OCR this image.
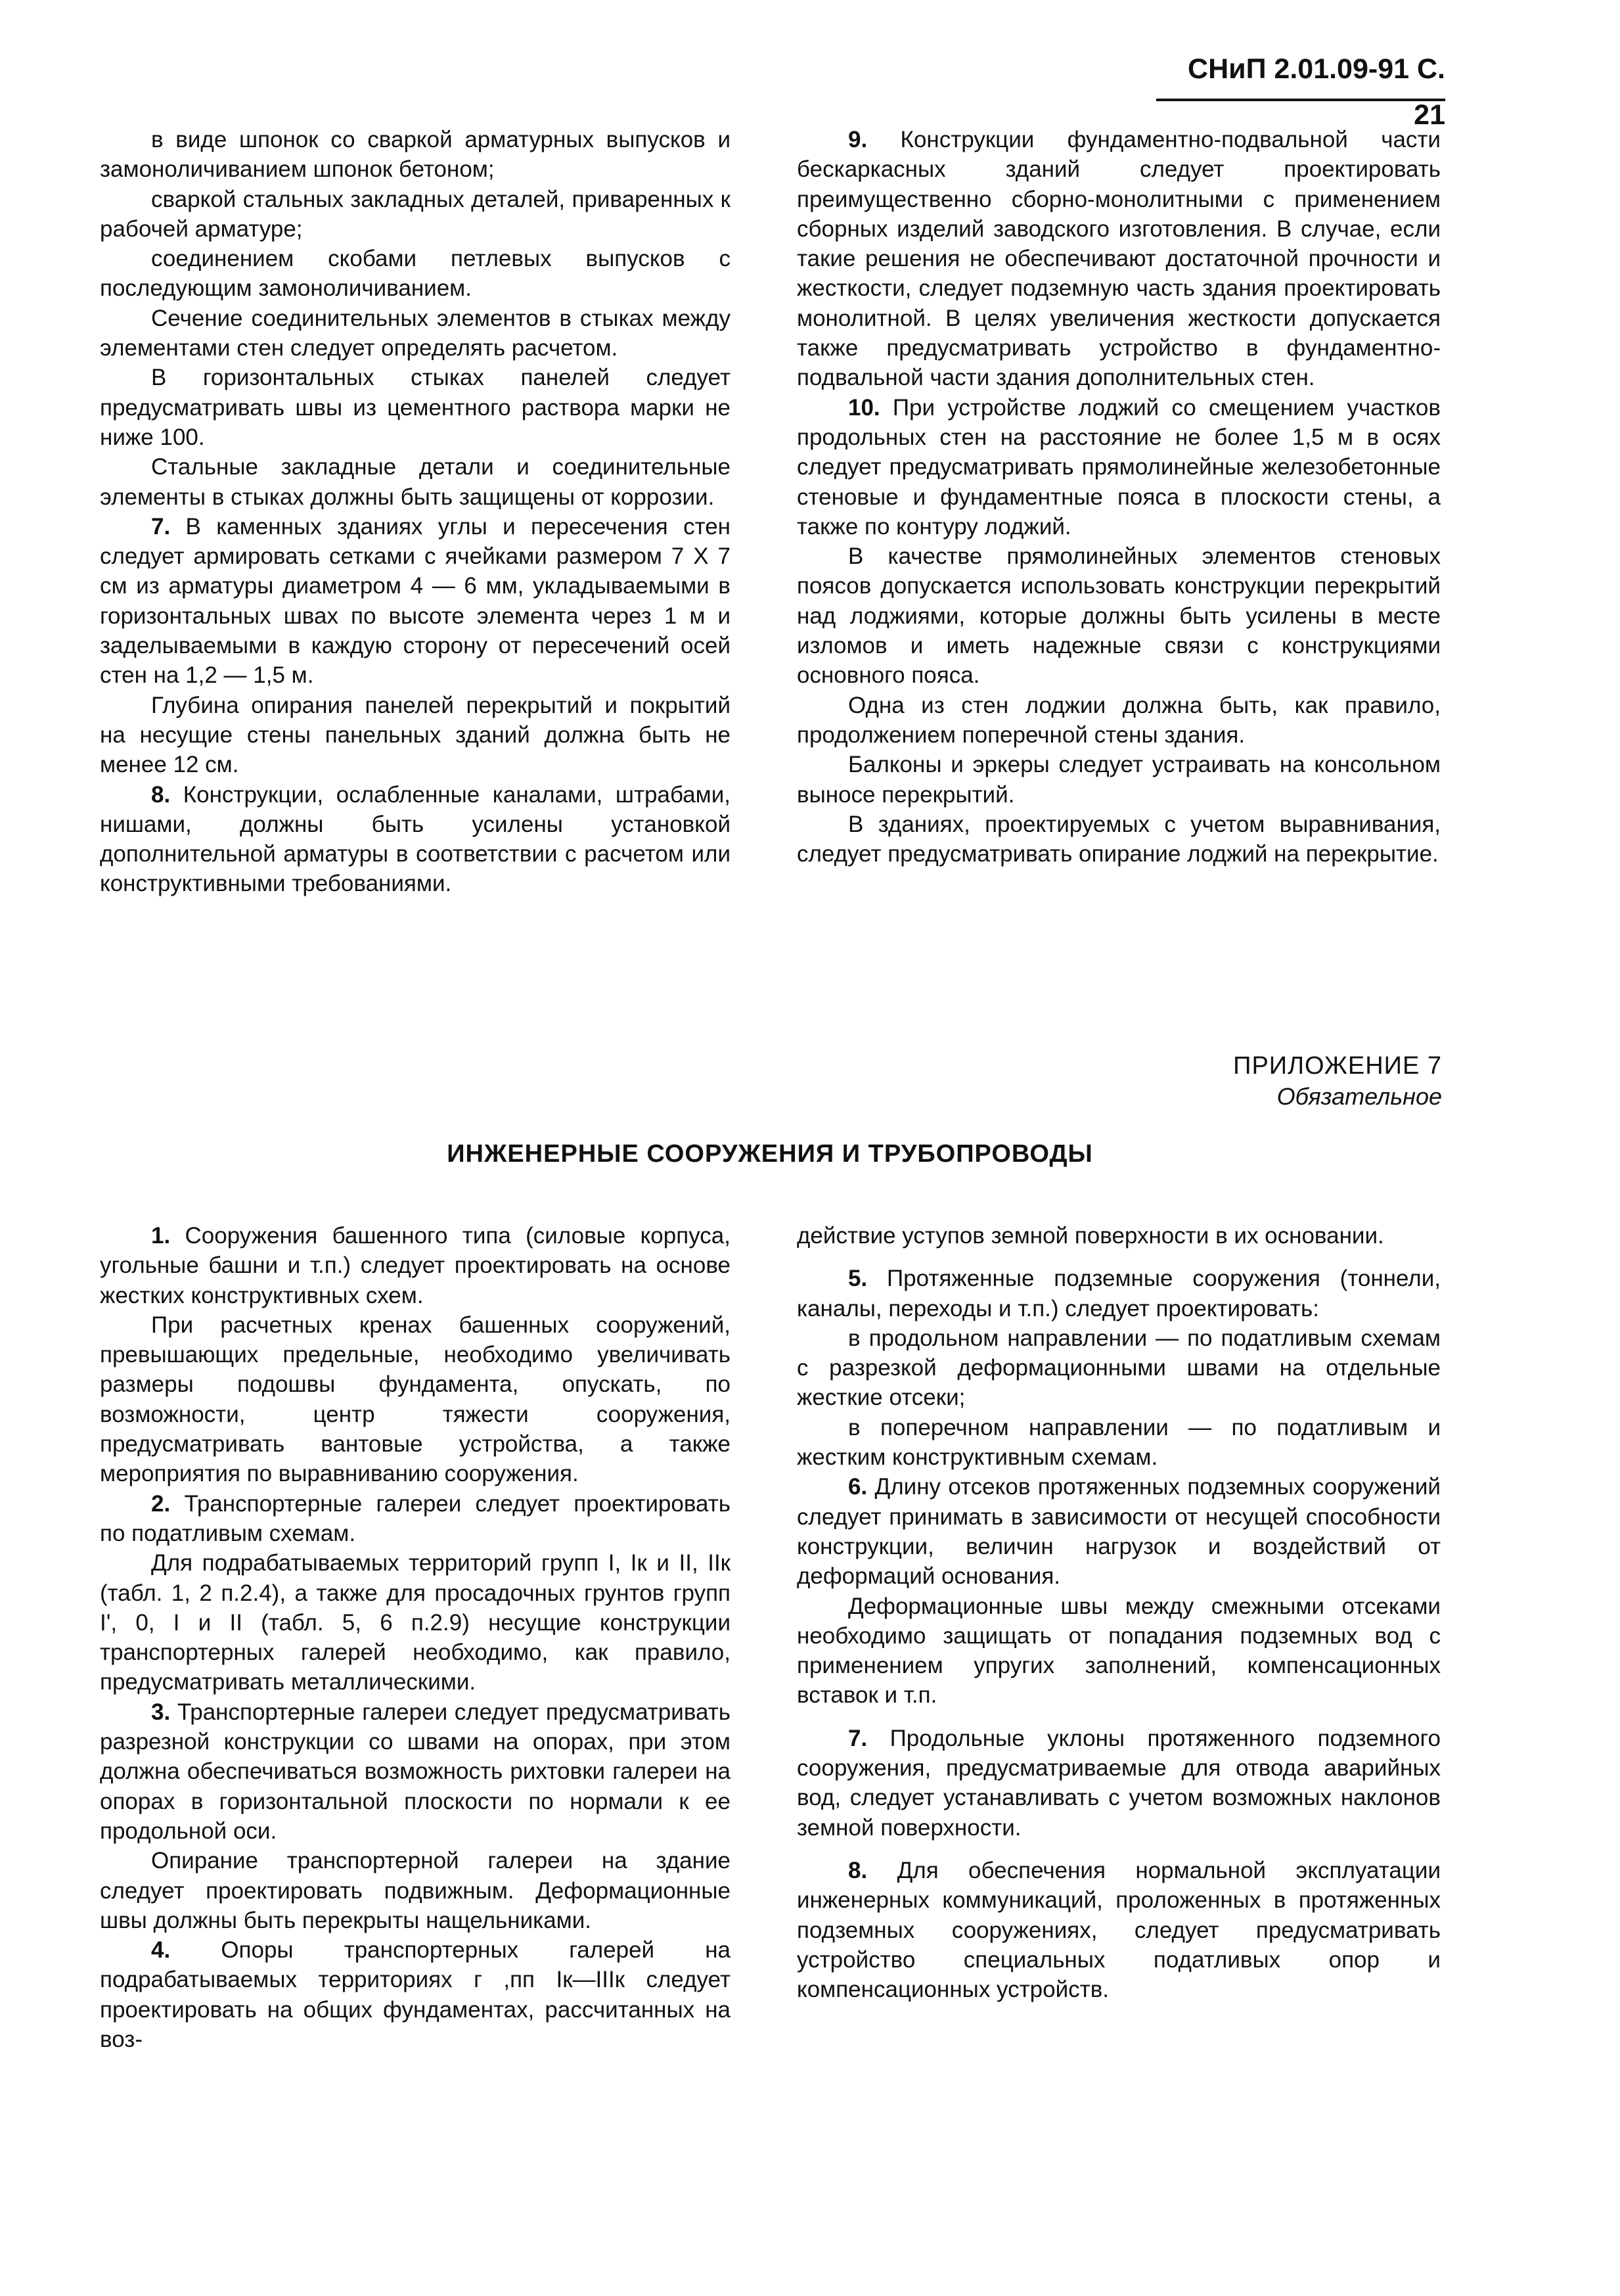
СНиП 2.01.09-91 С. 21

в виде шпонок со сваркой арматурных выпусков и замоноличиванием шпонок бетоном;

сваркой стальных закладных деталей, приваренных к рабочей арматуре;

соединением скобами петлевых выпусков с последующим замоноличиванием.

Сечение соединительных элементов в стыках между элементами стен следует определять расчетом.

В горизонтальных стыках панелей следует предусматривать швы из цементного раствора марки не ниже 100.

Стальные закладные детали и соединительные элементы в стыках должны быть защищены от коррозии.

7. В каменных зданиях углы и пересечения стен следует армировать сетками с ячейками размером 7 Х 7 см из арматуры диаметром 4 — 6 мм, укладываемыми в горизонтальных швах по высоте элемента через 1 м и заделываемыми в каждую сторону от пересечений осей стен на 1,2 — 1,5 м.

Глубина опирания панелей перекрытий и покрытий на несущие стены панельных зданий должна быть не менее 12 см.

8. Конструкции, ослабленные каналами, штрабами, нишами, должны быть усилены установкой дополнительной арматуры в соответствии с расчетом или конструктивными требованиями.

9. Конструкции фундаментно-подвальной части бескаркасных зданий следует проектировать преимущественно сборно-монолитными с применением сборных изделий заводского изготовления. В случае, если такие решения не обеспечивают достаточной прочности и жесткости, следует подземную часть здания проектировать монолитной. В целях увеличения жесткости допускается также предусматривать устройство в фундаментно-подвальной части здания дополнительных стен.

10. При устройстве лоджий со смещением участков продольных стен на расстояние не более 1,5 м в осях следует предусматривать прямолинейные железобетонные стеновые и фундаментные пояса в плоскости стены, а также по контуру лоджий.

В качестве прямолинейных элементов стеновых поясов допускается использовать конструкции перекрытий над лоджиями, которые должны быть усилены в месте изломов и иметь надежные связи с конструкциями основного пояса.

Одна из стен лоджии должна быть, как правило, продолжением поперечной стены здания.

Балконы и эркеры следует устраивать на консольном выносе перекрытий.

В зданиях, проектируемых с учетом выравнивания, следует предусматривать опирание лоджий на перекрытие.

ПРИЛОЖЕНИЕ 7
Обязательное
ИНЖЕНЕРНЫЕ СООРУЖЕНИЯ И ТРУБОПРОВОДЫ

1. Сооружения башенного типа (силовые корпуса, угольные башни и т.п.) следует проектировать на основе жестких конструктивных схем.

При расчетных кренах башенных сооружений, превышающих предельные, необходимо увеличивать размеры подошвы фундамента, опускать, по возможности, центр тяжести сооружения, предусматривать вантовые устройства, а также мероприятия по выравниванию сооружения.

2. Транспортерные галереи следует проектировать по податливым схемам.

Для подрабатываемых территорий групп I, Iк и II, IIк (табл. 1, 2 п.2.4), а также для просадочных грунтов групп I', 0, I и II (табл. 5, 6 п.2.9) несущие конструкции транспортерных галерей необходимо, как правило, предусматривать металлическими.

3. Транспортерные галереи следует предусматривать разрезной конструкции со швами на опорах, при этом должна обеспечиваться возможность рихтовки галереи на опорах в горизонтальной плоскости по нормали к ее продольной оси.

Опирание транспортерной галереи на здание следует проектировать подвижным. Деформационные швы должны быть перекрыты нащельниками.

4. Опоры транспортерных галерей на подрабатываемых территориях г ,пп Iк—IIIк следует проектировать на общих фундаментах, рассчитанных на воз-

действие уступов земной поверхности в их основании.

5. Протяженные подземные сооружения (тоннели, каналы, переходы и т.п.) следует проектировать:

в продольном направлении — по податливым схемам с разрезкой деформационными швами на отдельные жесткие отсеки;

в поперечном направлении — по податливым и жестким конструктивным схемам.

6. Длину отсеков протяженных подземных сооружений следует принимать в зависимости от несущей способности конструкции, величин нагрузок и воздействий от деформаций основания.

Деформационные швы между смежными отсеками необходимо защищать от попадания подземных вод с применением упругих заполнений, компенсационных вставок и т.п.

7. Продольные уклоны протяженного подземного сооружения, предусматриваемые для отвода аварийных вод, следует устанавливать с учетом возможных наклонов земной поверхности.

8. Для обеспечения нормальной эксплуатации инженерных коммуникаций, проложенных в протяженных подземных сооружениях, следует предусматривать устройство специальных податливых опор и компенсационных устройств.
